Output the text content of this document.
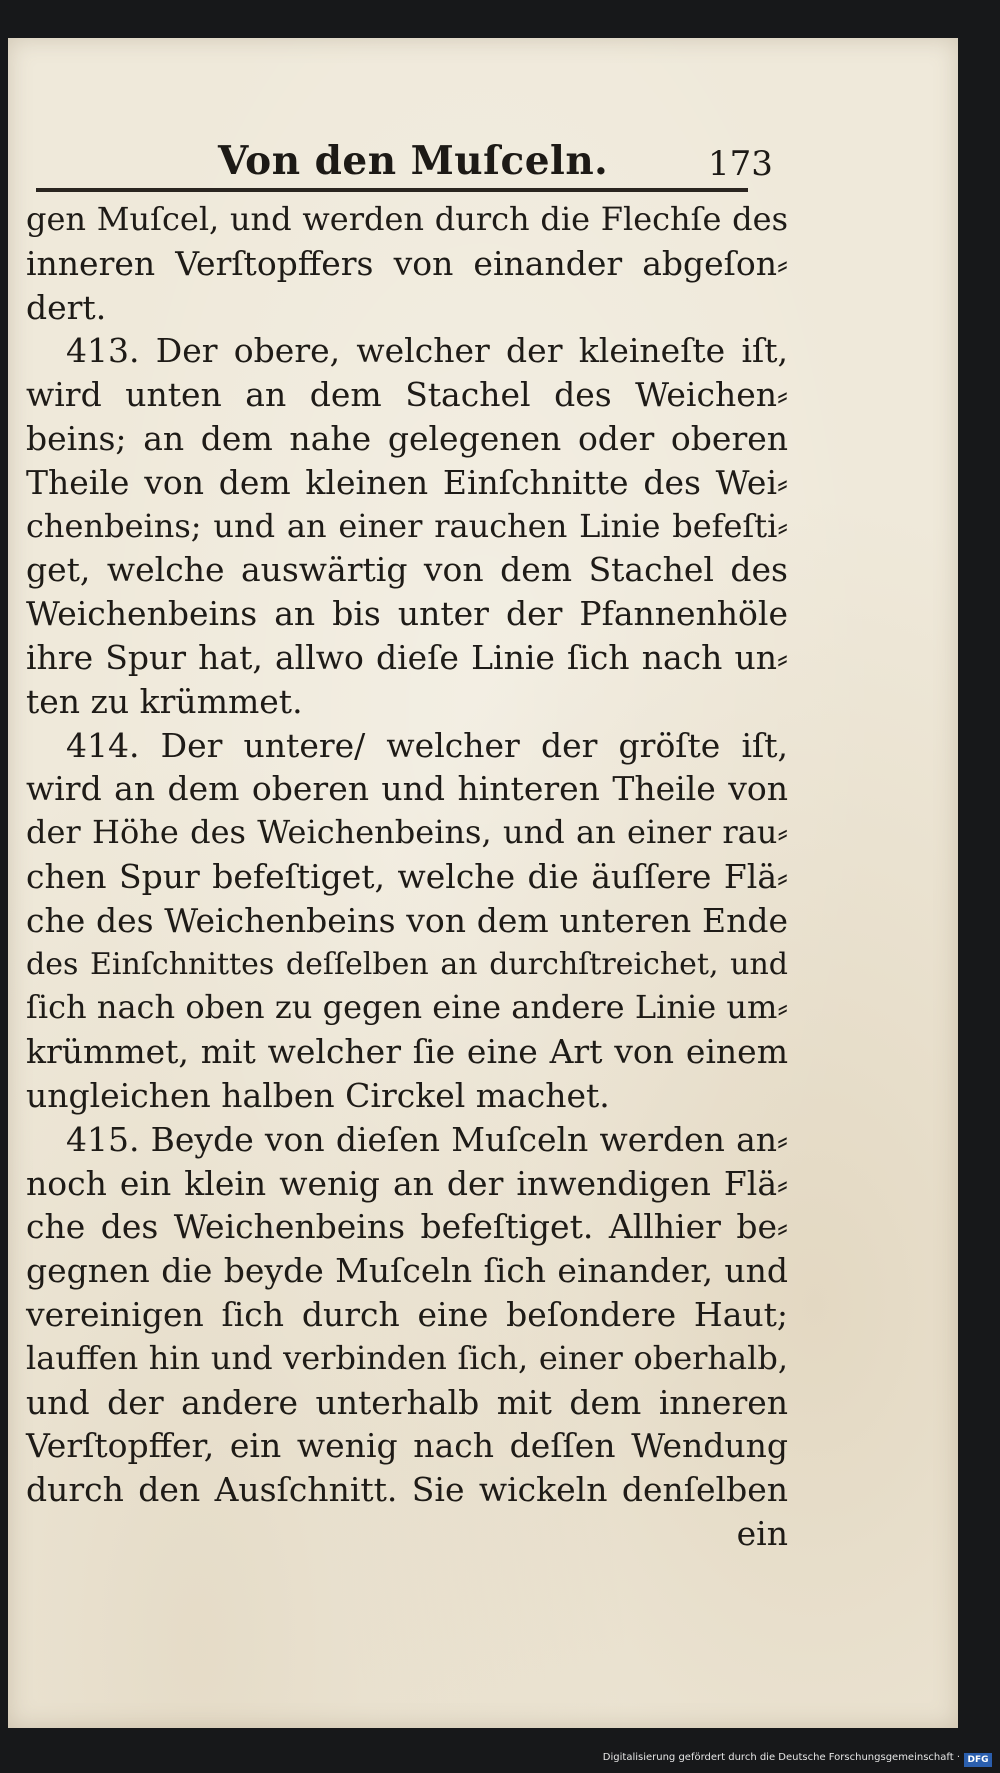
Von den Muſceln.	173
gen Muſcel, und werden durch die Flechſe des
inneren Verſtopffers von einander abgeſon⸗
dert.
413. Der obere, welcher der kleineſte iſt,
wird unten an dem Stachel des Weichen⸗
beins; an dem nahe gelegenen oder oberen
Theile von dem kleinen Einſchnitte des Wei⸗
chenbeins; und an einer rauchen Linie befeſti⸗
get, welche auswärtig von dem Stachel des
Weichenbeins an bis unter der Pfannenhöle
ihre Spur hat, allwo dieſe Linie ſich nach un⸗
ten zu krümmet.
414. Der untere/ welcher der gröſte iſt,
wird an dem oberen und hinteren Theile von
der Höhe des Weichenbeins, und an einer rau⸗
chen Spur befeſtiget, welche die äuſſere Flä⸗
che des Weichenbeins von dem unteren Ende
des Einſchnittes deſſelben an durchſtreichet, und
ſich nach oben zu gegen eine andere Linie um⸗
krümmet, mit welcher ſie eine Art von einem
ungleichen halben Circkel machet.
415. Beyde von dieſen Muſceln werden an⸗
noch ein klein wenig an der inwendigen Flä⸗
che des Weichenbeins befeſtiget. Allhier be⸗
gegnen die beyde Muſceln ſich einander, und
vereinigen ſich durch eine beſondere Haut;
lauffen hin und verbinden ſich, einer oberhalb,
und der andere unterhalb mit dem inneren
Verſtopffer, ein wenig nach deſſen Wendung
durch den Ausſchnitt. Sie wickeln denſelben
ein
Digitalisierung gefördert durch die Deutsche Forschungsgemeinschaft · DFG
